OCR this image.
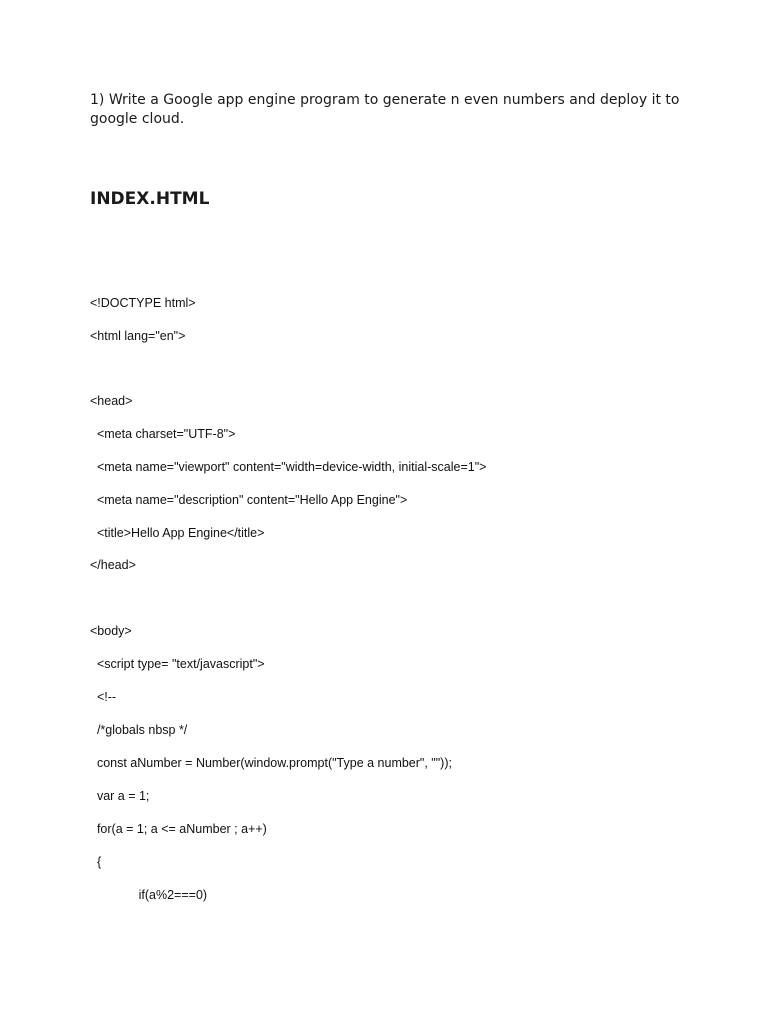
1) Write a Google app engine program to generate n even numbers and deploy it to google cloud.

INDEX.HTML
<!DOCTYPE html>
<html lang="en">
<head>
<meta charset="UTF-8">
<meta name="viewport" content="width=device-width, initial-scale=1">
<meta name="description" content="Hello App Engine">
<title>Hello App Engine</title>
</head>
<body>
<script type= "text/javascript">
<!--
/*globals nbsp */
const aNumber = Number(window.prompt("Type a number", ""));
var a = 1;
for(a = 1; a <= aNumber ; a++)
{
if(a%2===0)
